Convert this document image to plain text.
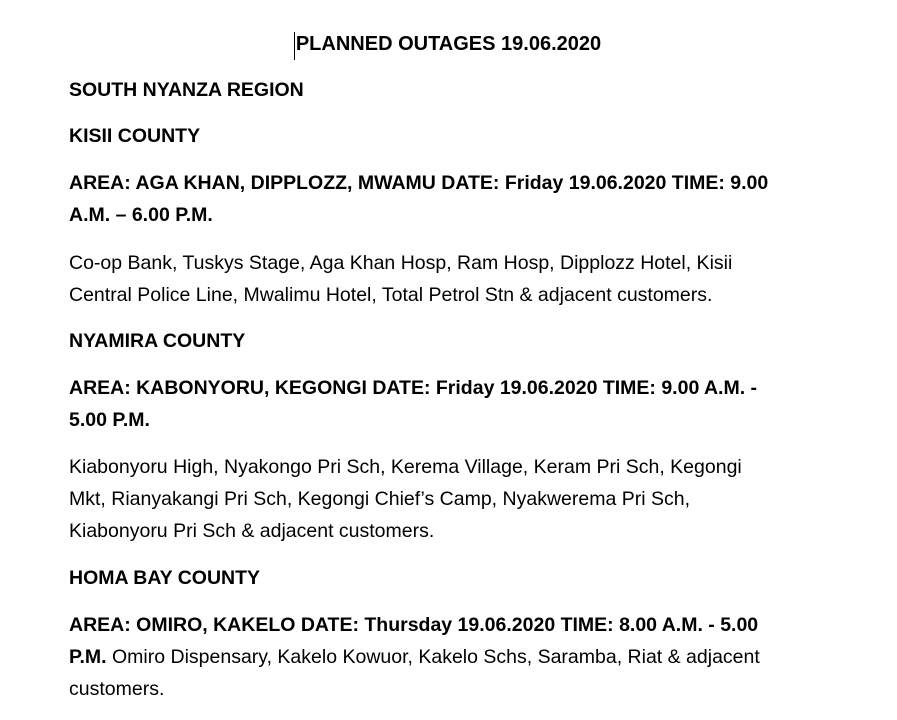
PLANNED OUTAGES 19.06.2020
SOUTH NYANZA REGION
KISII COUNTY
AREA: AGA KHAN, DIPPLOZZ, MWAMU DATE: Friday 19.06.2020 TIME: 9.00
A.M. – 6.00 P.M.
Co-op Bank, Tuskys Stage, Aga Khan Hosp, Ram Hosp, Dipplozz Hotel, Kisii
Central Police Line, Mwalimu Hotel, Total Petrol Stn & adjacent customers.
NYAMIRA COUNTY
AREA: KABONYORU, KEGONGI DATE: Friday 19.06.2020 TIME: 9.00 A.M. -
5.00 P.M.
Kiabonyoru High, Nyakongo Pri Sch, Kerema Village, Keram Pri Sch, Kegongi
Mkt, Rianyakangi Pri Sch, Kegongi Chief’s Camp, Nyakwerema Pri Sch,
Kiabonyoru Pri Sch & adjacent customers.
HOMA BAY COUNTY
AREA: OMIRO, KAKELO DATE: Thursday 19.06.2020 TIME: 8.00 A.M. - 5.00
P.M. Omiro Dispensary, Kakelo Kowuor, Kakelo Schs, Saramba, Riat & adjacent
customers.
